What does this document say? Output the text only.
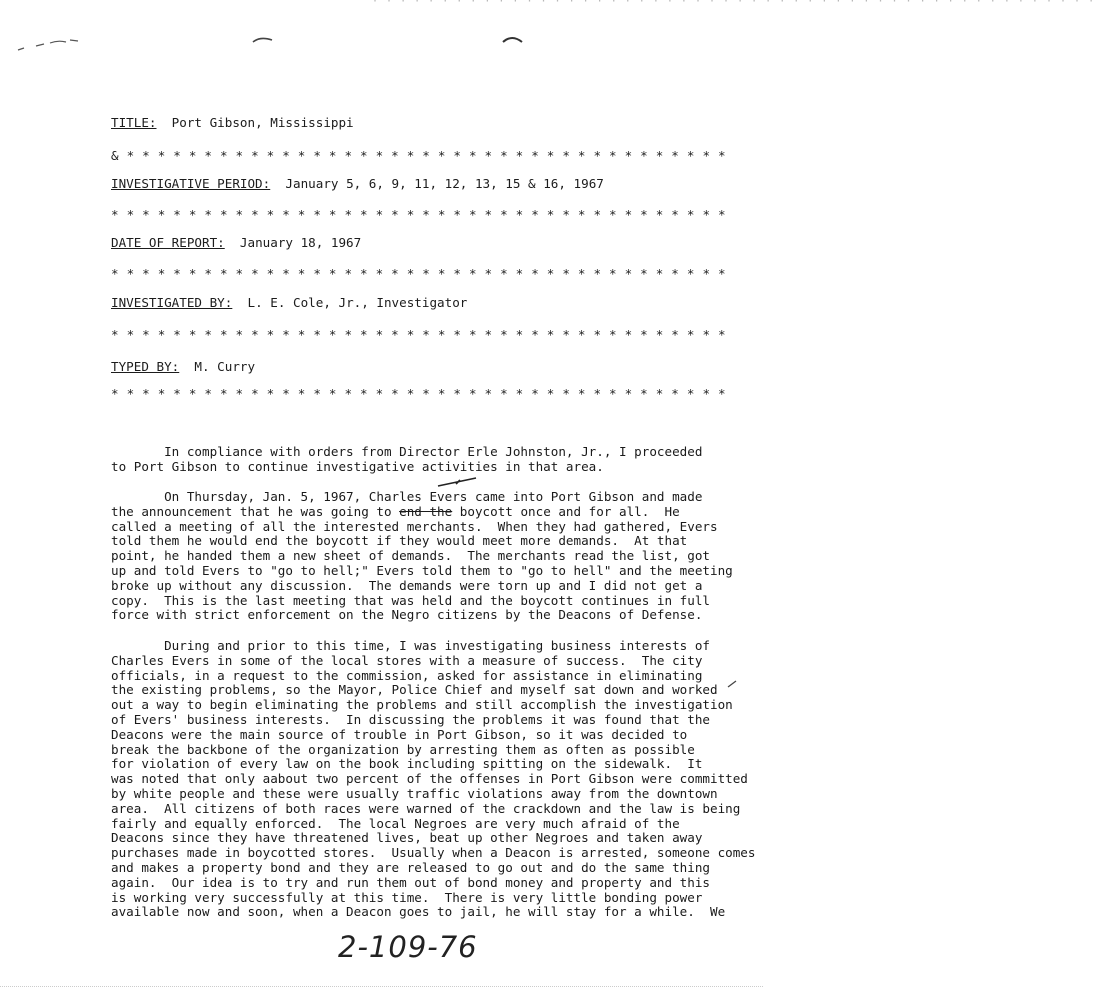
· · · · · · · · · · · · · · · · · · · · · · · · · · · · · · · · · · · · · · · · · · · · · · · · · · · ·
TITLE: Port Gibson, Mississippi
& * * * * * * * * * * * * * * * * * * * * * * * * * * * * * * * * * * * * * * *
INVESTIGATIVE PERIOD: January 5, 6, 9, 11, 12, 13, 15 & 16, 1967
* * * * * * * * * * * * * * * * * * * * * * * * * * * * * * * * * * * * * * * *
DATE OF REPORT: January 18, 1967
* * * * * * * * * * * * * * * * * * * * * * * * * * * * * * * * * * * * * * * *
INVESTIGATED BY: L. E. Cole, Jr., Investigator
* * * * * * * * * * * * * * * * * * * * * * * * * * * * * * * * * * * * * * * *
TYPED BY: M. Curry
* * * * * * * * * * * * * * * * * * * * * * * * * * * * * * * * * * * * * * * *
In compliance with orders from Director Erle Johnston, Jr., I proceeded
to Port Gibson to continue investigative activities in that area.
On Thursday, Jan. 5, 1967, Charles Evers came into Port Gibson and made
the announcement that he was going to end the boycott once and for all.  He
called a meeting of all the interested merchants.  When they had gathered, Evers
told them he would end the boycott if they would meet more demands.  At that
point, he handed them a new sheet of demands.  The merchants read the list, got
up and told Evers to "go to hell;" Evers told them to "go to hell" and the meeting
broke up without any discussion.  The demands were torn up and I did not get a
copy.  This is the last meeting that was held and the boycott continues in full
force with strict enforcement on the Negro citizens by the Deacons of Defense.
During and prior to this time, I was investigating business interests of
Charles Evers in some of the local stores with a measure of success.  The city
officials, in a request to the commission, asked for assistance in eliminating
the existing problems, so the Mayor, Police Chief and myself sat down and worked
out a way to begin eliminating the problems and still accomplish the investigation
of Evers' business interests.  In discussing the problems it was found that the
Deacons were the main source of trouble in Port Gibson, so it was decided to
break the backbone of the organization by arresting them as often as possible
for violation of every law on the book including spitting on the sidewalk.  It
was noted that only aabout two percent of the offenses in Port Gibson were committed
by white people and these were usually traffic violations away from the downtown
area.  All citizens of both races were warned of the crackdown and the law is being
fairly and equally enforced.  The local Negroes are very much afraid of the
Deacons since they have threatened lives, beat up other Negroes and taken away
purchases made in boycotted stores.  Usually when a Deacon is arrested, someone comes
and makes a property bond and they are released to go out and do the same thing
again.  Our idea is to try and run them out of bond money and property and this
is working very successfully at this time.  There is very little bonding power
available now and soon, when a Deacon goes to jail, he will stay for a while.  We
2-109-76
